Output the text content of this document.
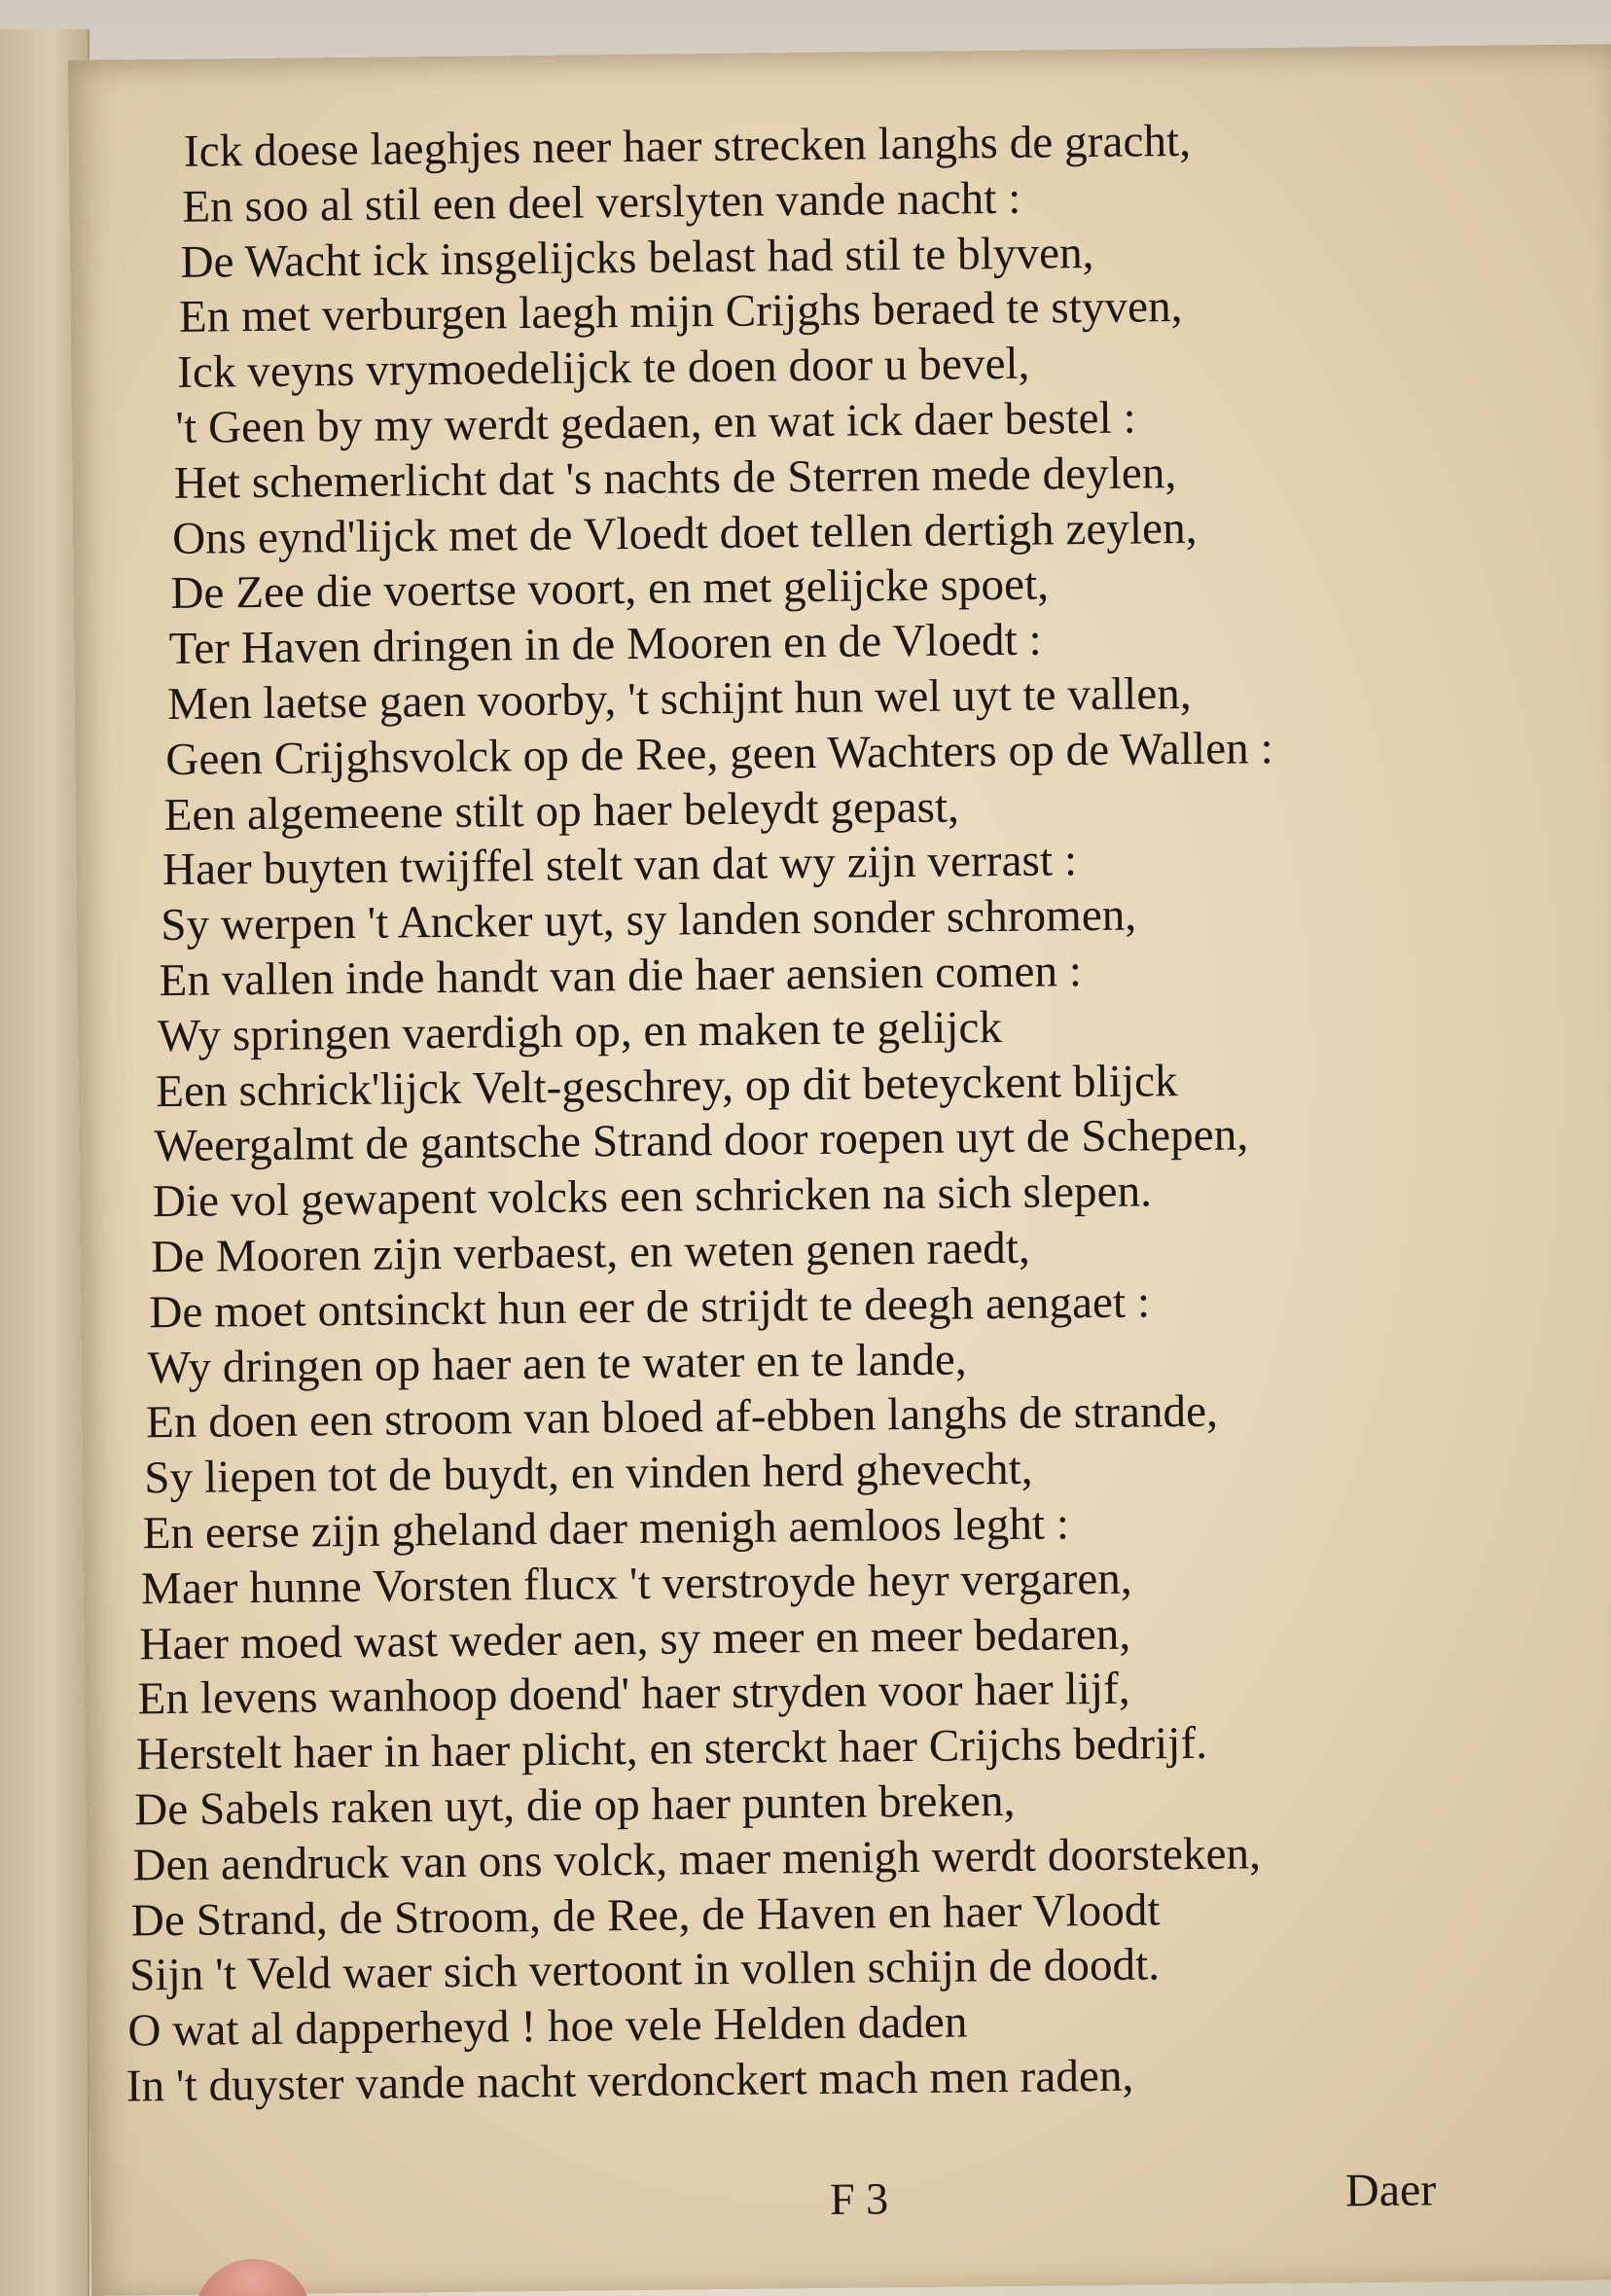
Ick doese laeghjes neer haer strecken langhs de gracht,
En soo al stil een deel verslyten vande nacht :
De Wacht ick insgelijcks belast had stil te blyven,
En met verburgen laegh mijn Crijghs beraed te styven,
Ick veyns vrymoedelijck te doen door u bevel,
't Geen by my werdt gedaen, en wat ick daer bestel :
Het schemerlicht dat 's nachts de Sterren mede deylen,
Ons eynd'lijck met de Vloedt doet tellen dertigh zeylen,
De Zee die voertse voort, en met gelijcke spoet,
Ter Haven dringen in de Mooren en de Vloedt :
Men laetse gaen voorby, 't schijnt hun wel uyt te vallen,
Geen Crijghsvolck op de Ree, geen Wachters op de Wallen :
Een algemeene stilt op haer beleydt gepast,
Haer buyten twijffel stelt van dat wy zijn verrast :
Sy werpen 't Ancker uyt, sy landen sonder schromen,
En vallen inde handt van die haer aensien comen :
Wy springen vaerdigh op, en maken te gelijck
Een schrick'lijck Velt-geschrey, op dit beteyckent blijck
Weergalmt de gantsche Strand door roepen uyt de Schepen,
Die vol gewapent volcks een schricken na sich slepen.
De Mooren zijn verbaest, en weten genen raedt,
De moet ontsinckt hun eer de strijdt te deegh aengaet :
Wy dringen op haer aen te water en te lande,
En doen een stroom van bloed af-ebben langhs de strande,
Sy liepen tot de buydt, en vinden herd ghevecht,
En eerse zijn gheland daer menigh aemloos leght :
Maer hunne Vorsten flucx 't verstroyde heyr vergaren,
Haer moed wast weder aen, sy meer en meer bedaren,
En levens wanhoop doend' haer stryden voor haer lijf,
Herstelt haer in haer plicht, en sterckt haer Crijchs bedrijf.
De Sabels raken uyt, die op haer punten breken,
Den aendruck van ons volck, maer menigh werdt doorsteken,
De Strand, de Stroom, de Ree, de Haven en haer Vloodt
Sijn 't Veld waer sich vertoont in vollen schijn de doodt.
O wat al dapperheyd ! hoe vele Helden daden
In 't duyster vande nacht verdonckert mach men raden,
F 3	Daer
